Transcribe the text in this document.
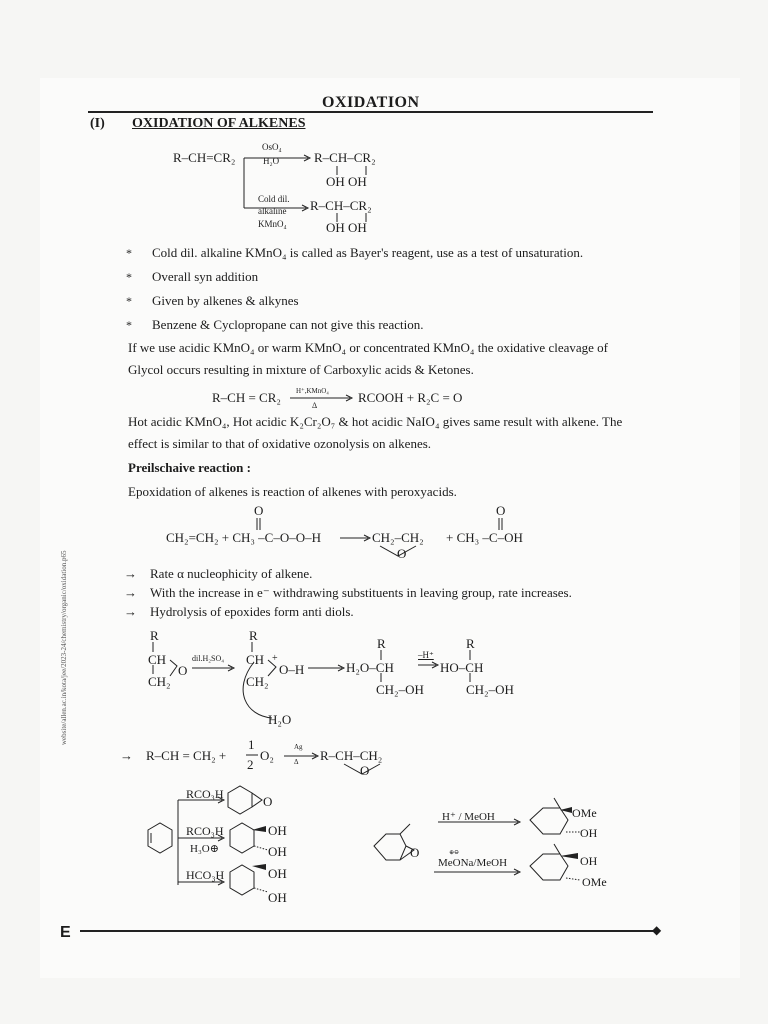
OXIDATION
(I) OXIDATION OF ALKENES
R–CH=CR₂
OsO₄
H₂O	R–CH–CR₂
OH OH
Cold dil.
alkaline
KMnO₄
R–CH–CR₂
OH OH
* Cold dil. alkaline KMnO₄ is called as Bayer's reagent, use as a test of unsaturation.
* Overall syn addition
* Given by alkenes & alkynes
* Benzene & Cyclopropane can not give this reaction.
If we use acidic KMnO₄ or warm KMnO₄ or concentrated KMnO₄ the oxidative cleavage of
Glycol occurs resulting in mixture of Carboxylic acids & Ketones.
R–CH = CR₂ H⁺,KMnO₄
Δ
RCOOH + R₂C = O
Hot acidic KMnO₄, Hot acidic K₂Cr₂O₇ & hot acidic NaIO₄ gives same result with alkene. The
effect is similar to that of oxidative ozonolysis on alkenes.
Preilschaive reaction :
Epoxidation of alkenes is reaction of alkenes with peroxyacids.
O	O
CH₂=CH₂ + CH₃ –C–O–O–H	CH₂–CH₂
O
+ CH₃ –C–OH
→ Rate α nucleophicity of alkene.
→ With the increase in e⁻ withdrawing substituents in leaving group, rate increases.
→ Hydrolysis of epoxides form anti diols.
R
CH
O
CH₂
dil.H₂SO₄
R
CH +
O–H
CH₂
H₂O
R
H₂O–CH
CH₂–OH
–H⁺
R
HO–CH
CH₂–OH
→ R–CH = CH₂ +
1
2
O₂
Ag
Δ R–CH–CH₂
O
RCO₃H	O
RCO₃H
H₃O⊕
OH
OH
HCO₃H	OH
OH
O
H⁺ / MeOH	OMe
OH
⊕⊖
MeONa/MeOH	OH
OMe
◆
E
website/allen.ac.in/kota/jee/2023-24/chemistry/organic/oxidation.p65
